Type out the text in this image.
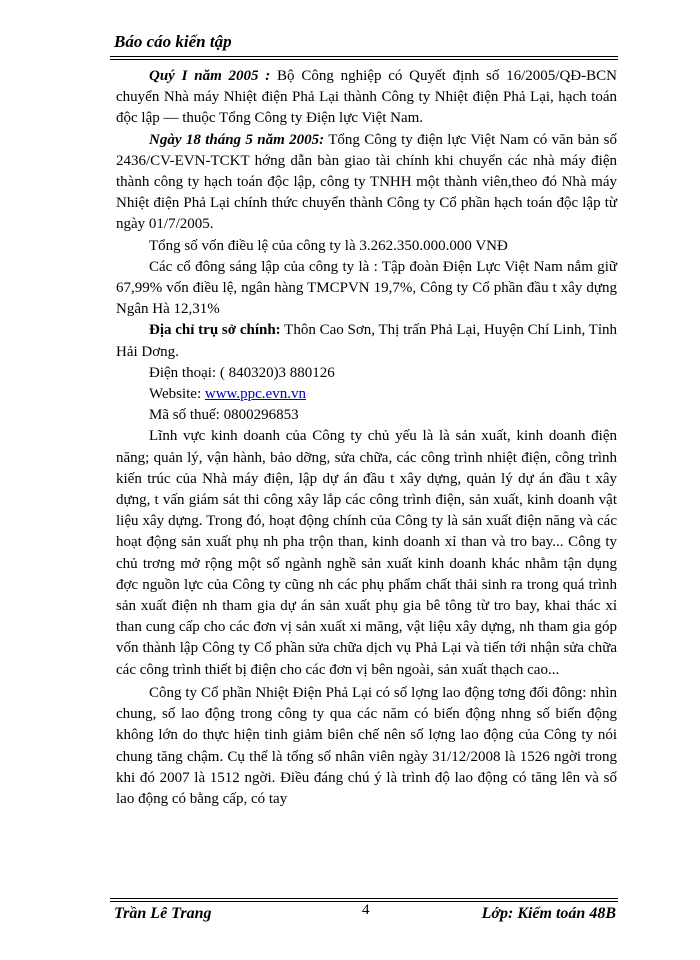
Báo cáo kiến tập

Quý I năm 2005 : Bộ Công nghiệp có Quyết định số 16/2005/QĐ-BCN chuyển Nhà máy Nhiệt điện Phả Lại thành Công ty Nhiệt điện Phả Lại, hạch toán độc lập — thuộc Tổng Công ty Điện lực Việt Nam.

Ngày 18 tháng 5 năm 2005: Tổng Công ty điện lực Việt Nam có văn bản số 2436/CV-EVN-TCKT hớng dẫn bàn giao tài chính khi chuyển các nhà máy điện thành công ty hạch toán độc lập, công ty TNHH một thành viên,theo đó Nhà máy Nhiệt điện Phả Lại chính thức chuyển thành Công ty Cổ phần hạch toán độc lập từ ngày 01/7/2005.

Tổng số vốn điều lệ của công ty là 3.262.350.000.000 VNĐ

Các cổ đông sáng lập của công ty là : Tập đoàn Điện Lực Việt Nam nắm giữ 67,99% vốn điều lệ, ngân hàng TMCPVN 19,7%, Công ty Cổ phần đầu t xây dựng Ngân Hà 12,31%

Địa chỉ trụ sở chính: Thôn Cao Sơn, Thị trấn Phả Lại, Huyện Chí Linh, Tỉnh Hải Dơng.

Điện thoại: ( 840320)3 880126

Website: www.ppc.evn.vn

Mã số thuế: 0800296853

Lĩnh vực kinh doanh của Công ty chủ yếu là là sản xuất, kinh doanh điện năng; quản lý, vận hành, bảo dỡng, sửa chữa, các công trình nhiệt điện, công trình kiến trúc của Nhà máy điện, lập dự án đầu t xây dựng, quản lý dự án đầu t xây dựng, t vấn giám sát thi công xây lắp các công trình điện, sản xuất, kinh doanh vật liệu xây dựng. Trong đó, hoạt động chính của Công ty là sản xuất điện năng và các hoạt động sản xuất phụ nh pha trộn than, kinh doanh xỉ than và tro bay... Công ty chủ trơng mở rộng một số ngành nghề sản xuất kinh doanh khác nhằm tận dụng đợc nguồn lực của Công ty cũng nh các phụ phẩm chất thải sinh ra trong quá trình sản xuất điện nh tham gia dự án sản xuất phụ gia bê tông từ tro bay, khai thác xỉ than cung cấp cho các đơn vị sản xuất xi măng, vật liệu xây dựng, nh tham gia góp vốn thành lập Công ty Cổ phần sửa chữa dịch vụ Phả Lại và tiến tới nhận sửa chữa các công trình thiết bị điện cho các đơn vị bên ngoài, sản xuất thạch cao...

Công ty Cổ phần Nhiệt Điện Phả Lại có số lợng lao động tơng đối đông: nhìn chung, số lao động trong công ty qua các năm có biến động nhng số biến động không lớn do thực hiện tinh giảm biên chế nên số lợng lao động của Công ty nói chung tăng chậm. Cụ thể là tổng số nhân viên ngày 31/12/2008 là 1526 ngời trong khi đó 2007 là 1512 ngời. Điều đáng chú ý là trình độ lao động có tăng lên và số lao động có bằng cấp, có tay

Trần Lê Trang	4	Lớp: Kiểm toán 48B
